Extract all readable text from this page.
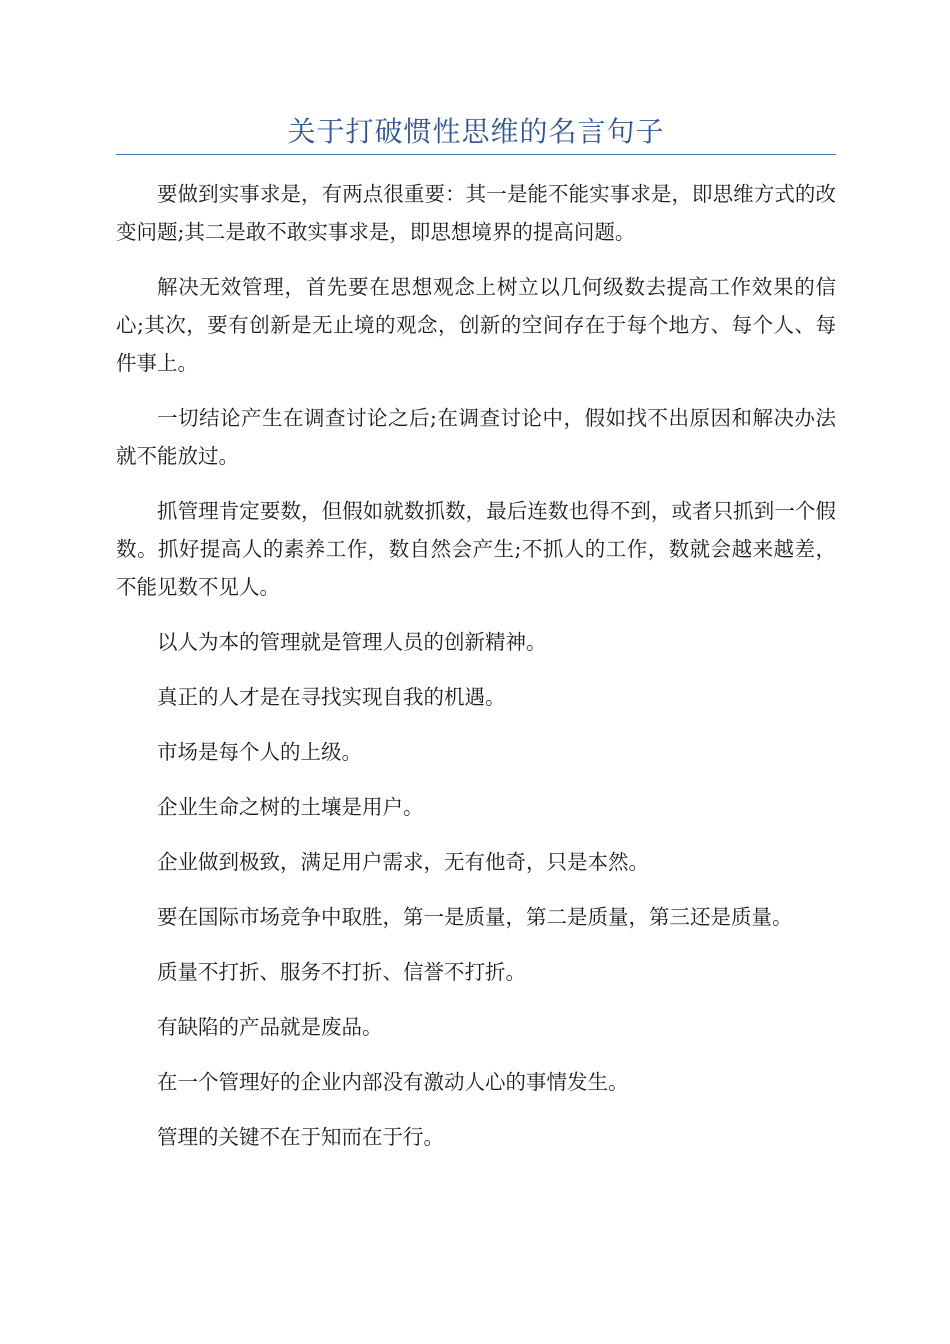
关于打破惯性思维的名言句子

要做到实事求是，有两点很重要：其一是能不能实事求是，即思维方式的改变问题;其二是敢不敢实事求是，即思想境界的提高问题。

解决无效管理，首先要在思想观念上树立以几何级数去提高工作效果的信心;其次，要有创新是无止境的观念，创新的空间存在于每个地方、每个人、每件事上。

一切结论产生在调查讨论之后;在调查讨论中，假如找不出原因和解决办法就不能放过。

抓管理肯定要数，但假如就数抓数，最后连数也得不到，或者只抓到一个假数。抓好提高人的素养工作，数自然会产生;不抓人的工作，数就会越来越差，不能见数不见人。

以人为本的管理就是管理人员的创新精神。

真正的人才是在寻找实现自我的机遇。

市场是每个人的上级。

企业生命之树的土壤是用户。

企业做到极致，满足用户需求，无有他奇，只是本然。

要在国际市场竞争中取胜，第一是质量，第二是质量，第三还是质量。

质量不打折、服务不打折、信誉不打折。

有缺陷的产品就是废品。

在一个管理好的企业内部没有激动人心的事情发生。

管理的关键不在于知而在于行。
